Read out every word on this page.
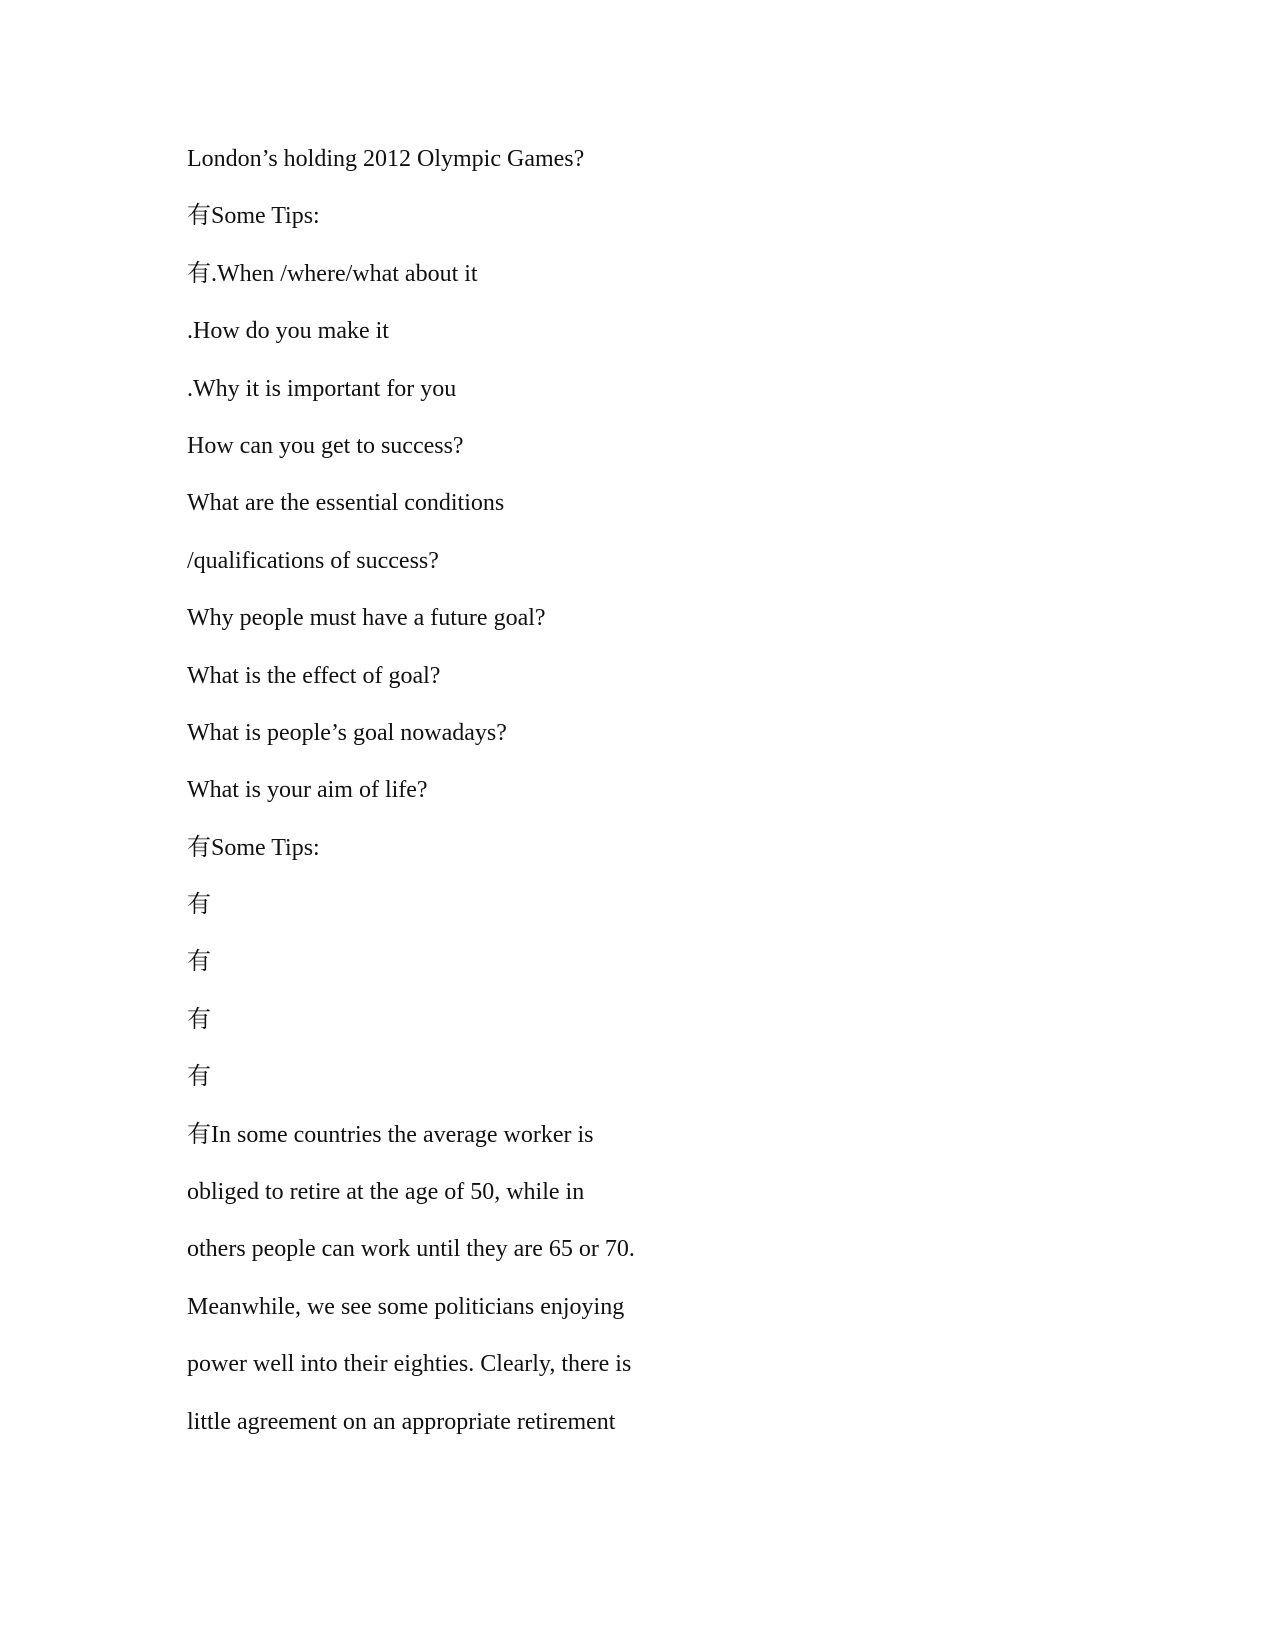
London’s holding 2012 Olympic Games?
有Some Tips:
有.When /where/what about it
.How do you make it
.Why it is important for you
How can you get to success?
What are the essential conditions
/qualifications of success?
Why people must have a future goal?
What is the effect of goal?
What is people’s goal nowadays?
What is your aim of life?
有Some Tips:
有
有
有
有
有In some countries the average worker is
obliged to retire at the age of 50, while in
others people can work until they are 65 or 70.
Meanwhile, we see some politicians enjoying
power well into their eighties. Clearly, there is
little agreement on an appropriate retirement
